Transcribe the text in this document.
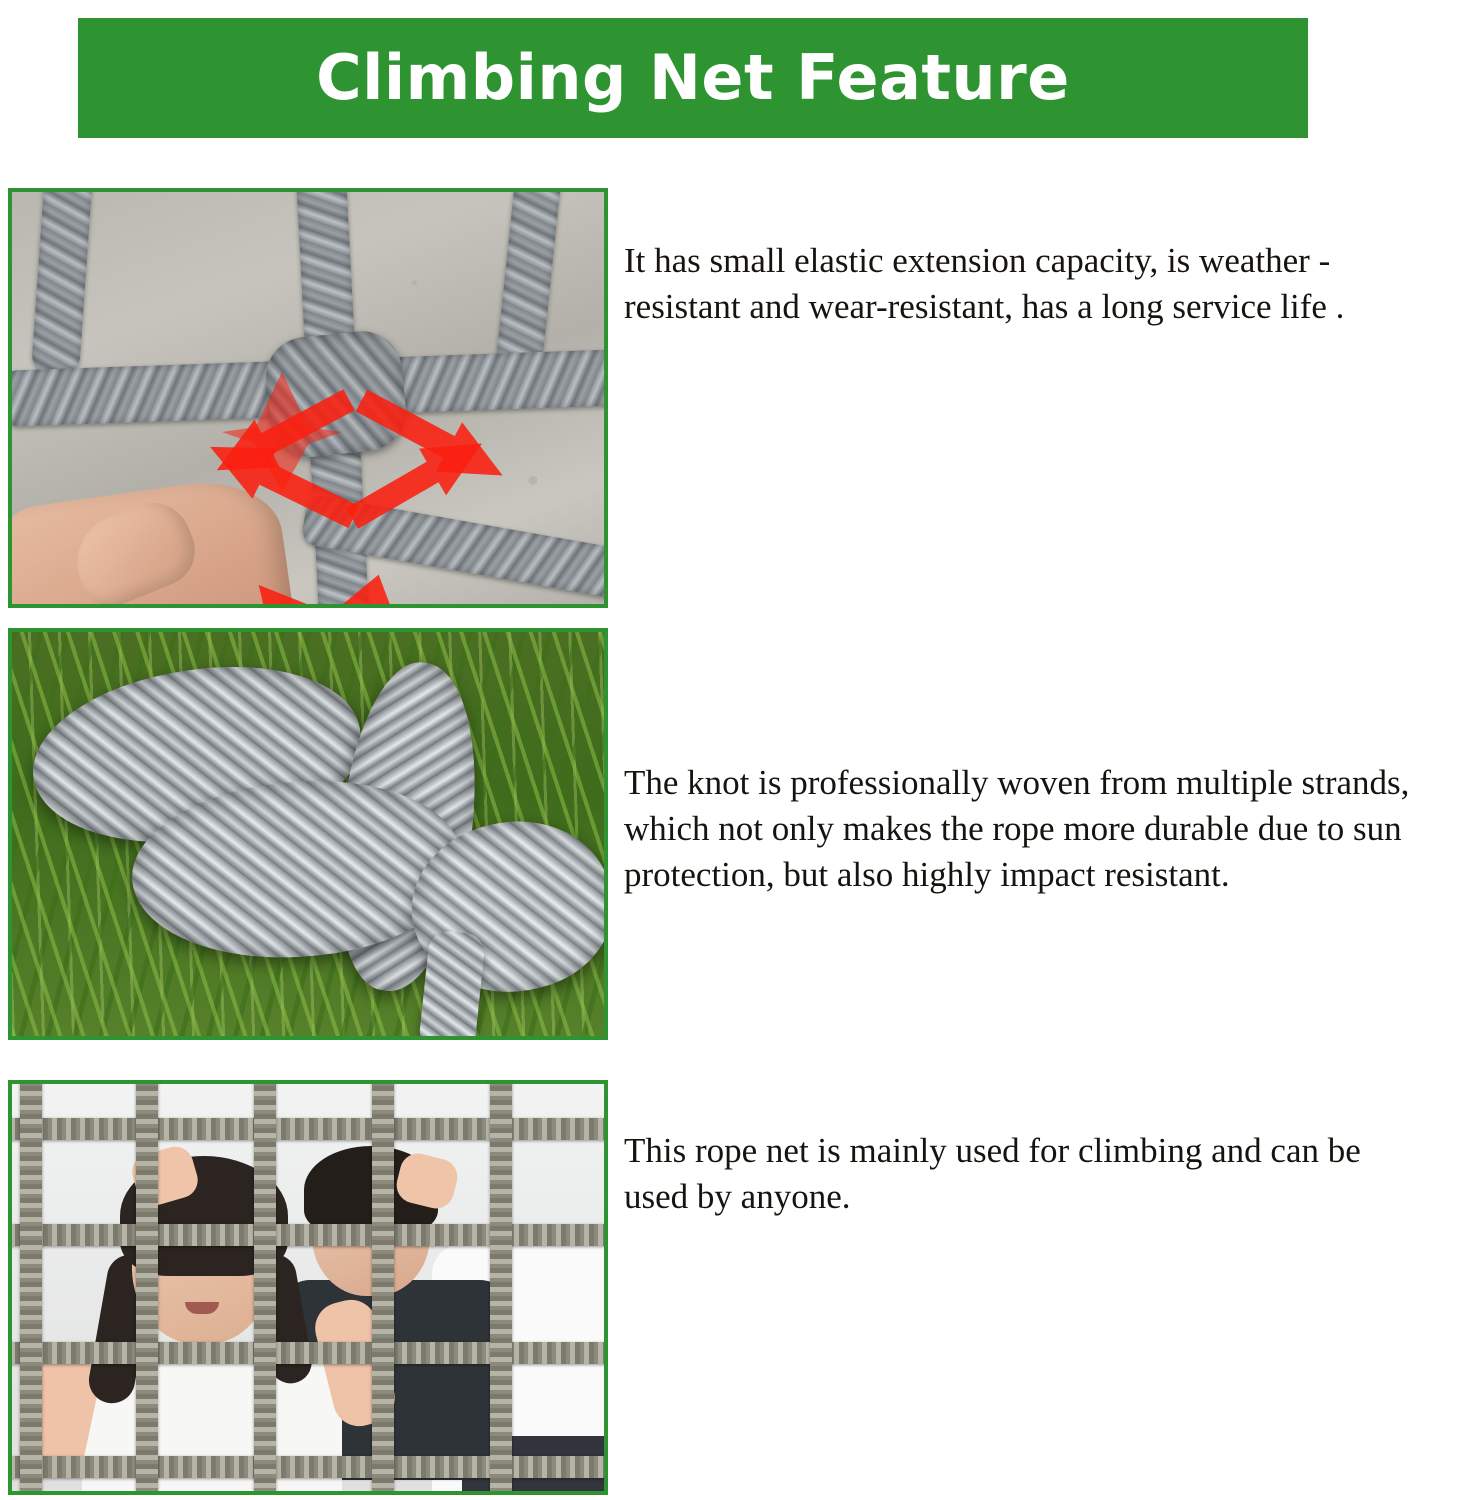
Climbing Net Feature
It has small elastic extension capacity, is weather -resistant and wear-resistant, has a long service life .
The knot is professionally woven from multiple strands, which not only makes the rope more durable due to sun protection, but also highly impact resistant.
This rope net is mainly used for climbing and can be used by anyone.
